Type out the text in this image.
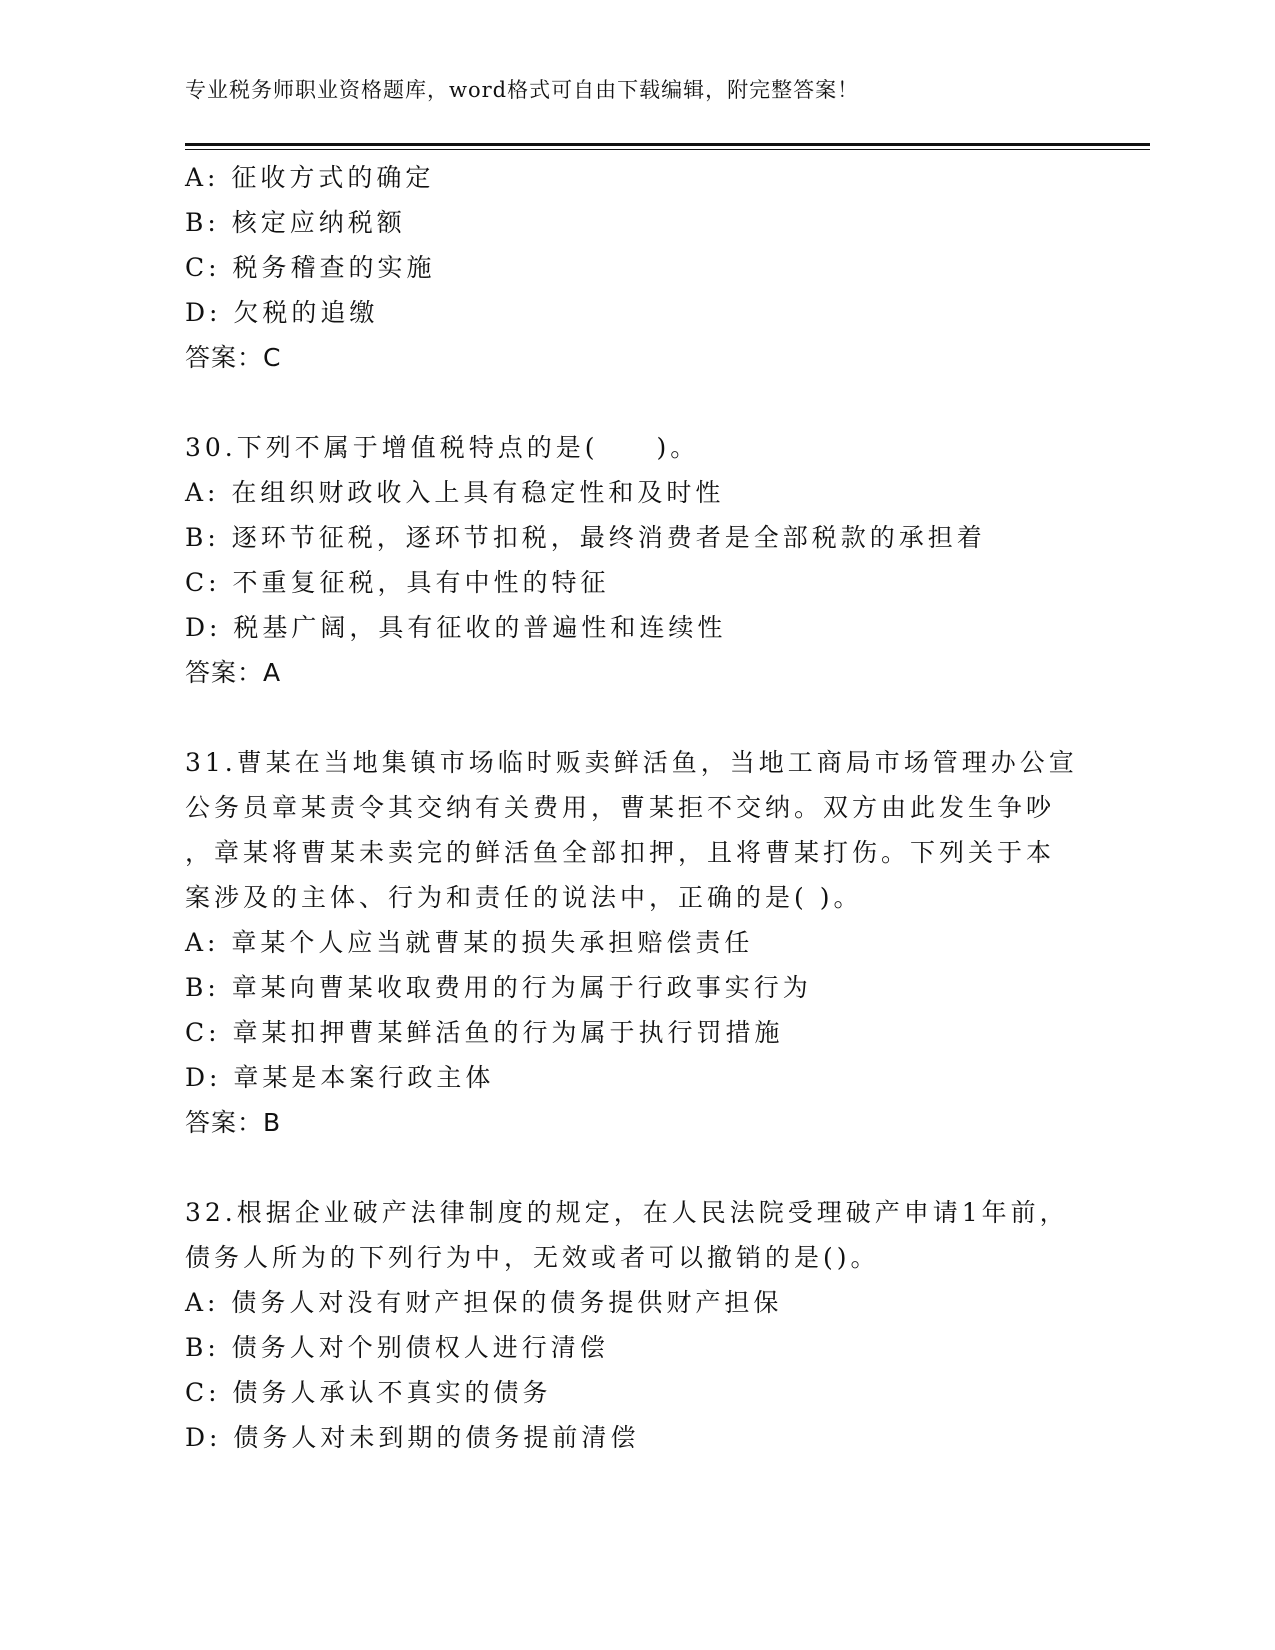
专业税务师职业资格题库，word格式可自由下载编辑，附完整答案！
A: 征收方式的确定
B: 核定应纳税额
C: 税务稽查的实施
D: 欠税的追缴
答案：C
30.下列不属于增值税特点的是(　　)。
A: 在组织财政收入上具有稳定性和及时性
B: 逐环节征税，逐环节扣税，最终消费者是全部税款的承担着
C: 不重复征税，具有中性的特征
D: 税基广阔，具有征收的普遍性和连续性
答案：A
31.曹某在当地集镇市场临时贩卖鲜活鱼，当地工商局市场管理办公宣
公务员章某责令其交纳有关费用，曹某拒不交纳。双方由此发生争吵
，章某将曹某未卖完的鲜活鱼全部扣押，且将曹某打伤。下列关于本
案涉及的主体、行为和责任的说法中，正确的是( )。
A: 章某个人应当就曹某的损失承担赔偿责任
B: 章某向曹某收取费用的行为属于行政事实行为
C: 章某扣押曹某鲜活鱼的行为属于执行罚措施
D: 章某是本案行政主体
答案：B
32.根据企业破产法律制度的规定，在人民法院受理破产申请1年前，
债务人所为的下列行为中，无效或者可以撤销的是()。
A: 债务人对没有财产担保的债务提供财产担保
B: 债务人对个别债权人进行清偿
C: 债务人承认不真实的债务
D: 债务人对未到期的债务提前清偿
